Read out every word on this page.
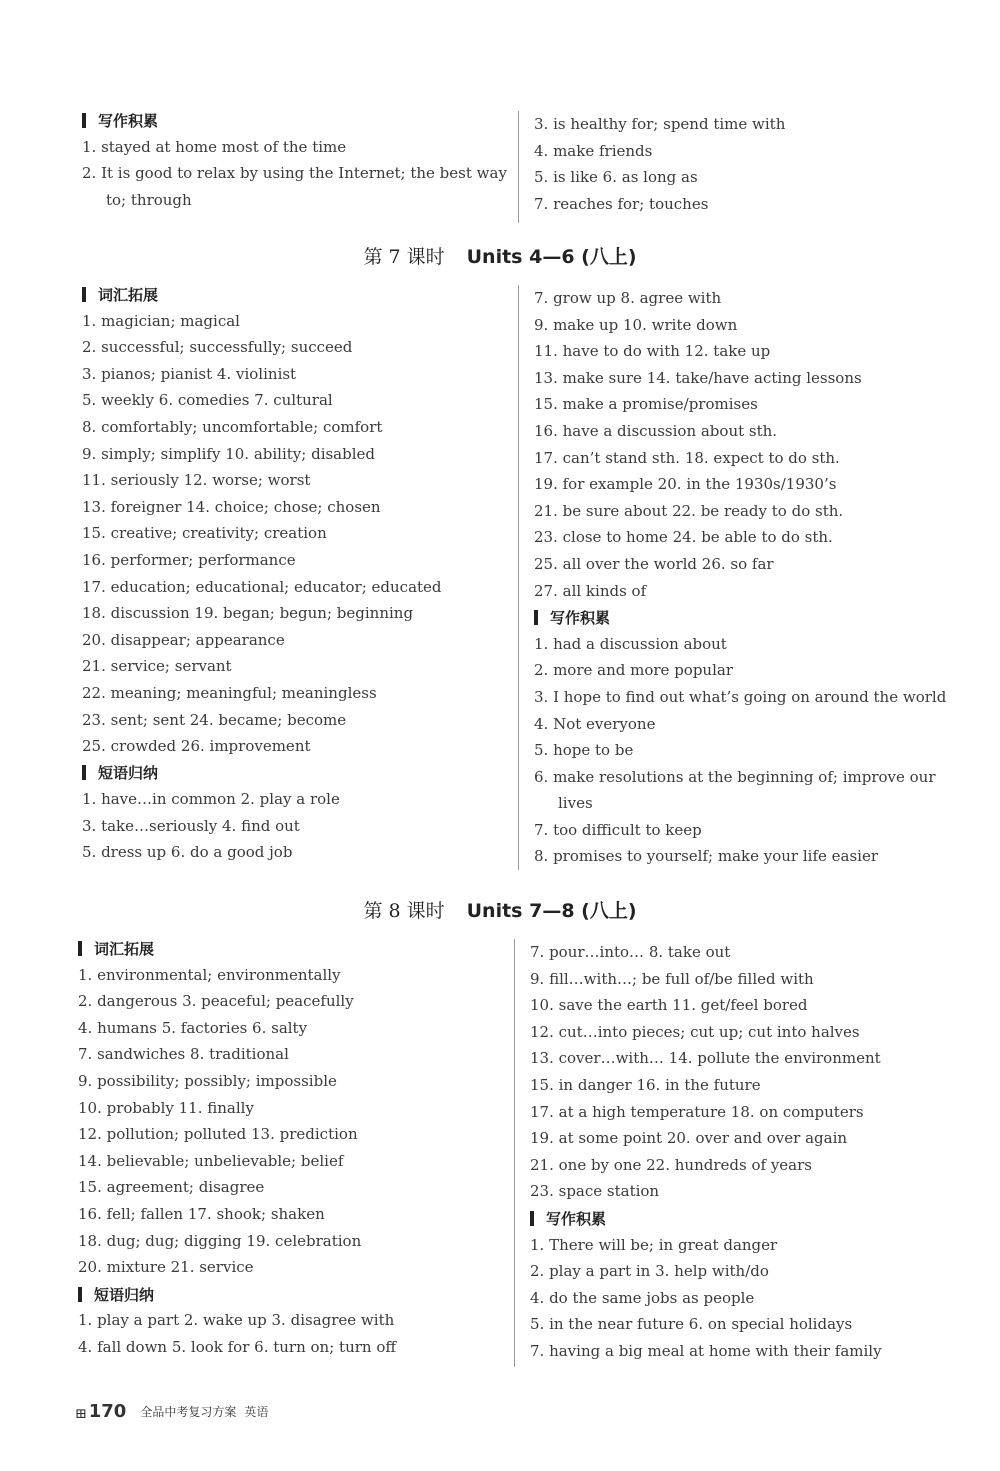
写作积累
1. stayed at home most of the time
2. It is good to relax by using the Internet; the best way
to; through
3. is healthy for; spend time with
4. make friends
5. is like 6. as long as
7. reaches for; touches
第 7 课时 Units 4—6 (八上)
词汇拓展
1. magician; magical
2. successful; successfully; succeed
3. pianos; pianist 4. violinist
5. weekly 6. comedies 7. cultural
8. comfortably; uncomfortable; comfort
9. simply; simplify 10. ability; disabled
11. seriously 12. worse; worst
13. foreigner 14. choice; chose; chosen
15. creative; creativity; creation
16. performer; performance
17. education; educational; educator; educated
18. discussion 19. began; begun; beginning
20. disappear; appearance
21. service; servant
22. meaning; meaningful; meaningless
23. sent; sent 24. became; become
25. crowded 26. improvement
短语归纳
1. have…in common 2. play a role
3. take…seriously 4. find out
5. dress up 6. do a good job
7. grow up 8. agree with
9. make up 10. write down
11. have to do with 12. take up
13. make sure 14. take/have acting lessons
15. make a promise/promises
16. have a discussion about sth.
17. can’t stand sth. 18. expect to do sth.
19. for example 20. in the 1930s/1930’s
21. be sure about 22. be ready to do sth.
23. close to home 24. be able to do sth.
25. all over the world 26. so far
27. all kinds of
写作积累
1. had a discussion about
2. more and more popular
3. I hope to find out what’s going on around the world
4. Not everyone
5. hope to be
6. make resolutions at the beginning of; improve our
lives
7. too difficult to keep
8. promises to yourself; make your life easier
第 8 课时 Units 7—8 (八上)
词汇拓展
1. environmental; environmentally
2. dangerous 3. peaceful; peacefully
4. humans 5. factories 6. salty
7. sandwiches 8. traditional
9. possibility; possibly; impossible
10. probably 11. finally
12. pollution; polluted 13. prediction
14. believable; unbelievable; belief
15. agreement; disagree
16. fell; fallen 17. shook; shaken
18. dug; dug; digging 19. celebration
20. mixture 21. service
短语归纳
1. play a part 2. wake up 3. disagree with
4. fall down 5. look for 6. turn on; turn off
7. pour…into… 8. take out
9. fill…with…; be full of/be filled with
10. save the earth 11. get/feel bored
12. cut…into pieces; cut up; cut into halves
13. cover…with… 14. pollute the environment
15. in danger 16. in the future
17. at a high temperature 18. on computers
19. at some point 20. over and over again
21. one by one 22. hundreds of years
23. space station
写作积累
1. There will be; in great danger
2. play a part in 3. help with/do
4. do the same jobs as people
5. in the near future 6. on special holidays
7. having a big meal at home with their family
⊞ 170 全品中考复习方案 英语
